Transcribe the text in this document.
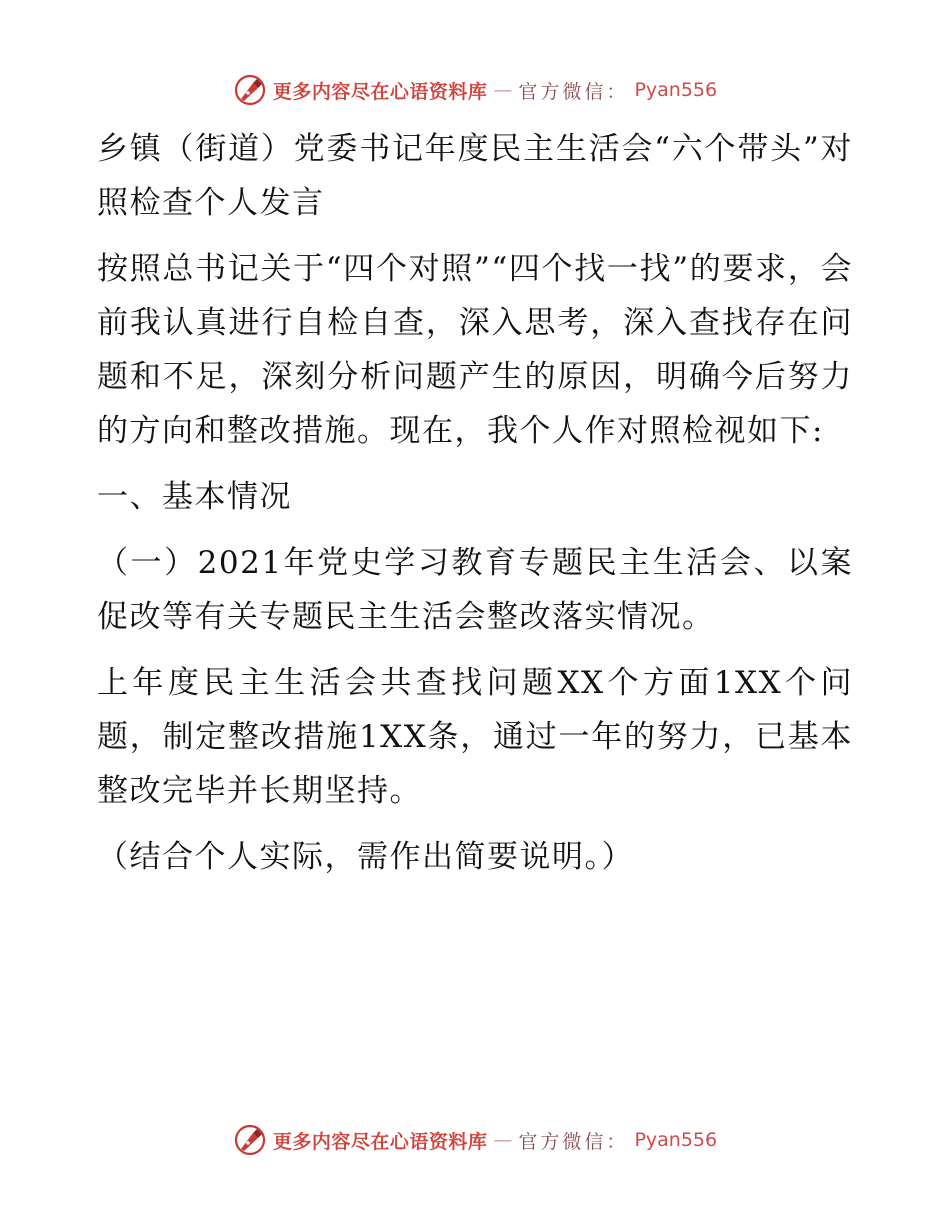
更多内容尽在心语资料库 — 官方微信： Pyan556

乡镇（街道）党委书记年度民主生活会“六个带头”对照检查个人发言

按照总书记关于“四个对照”“四个找一找”的要求，会前我认真进行自检自查，深入思考，深入查找存在问题和不足，深刻分析问题产生的原因，明确今后努力的方向和整改措施。现在，我个人作对照检视如下:

一、基本情况

（一）2021年党史学习教育专题民主生活会、以案促改等有关专题民主生活会整改落实情况。

上年度民主生活会共查找问题XX个方面1XX个问题，制定整改措施1XX条，通过一年的努力，已基本整改完毕并长期坚持。

（结合个人实际，需作出简要说明。）

更多内容尽在心语资料库 — 官方微信： Pyan556
